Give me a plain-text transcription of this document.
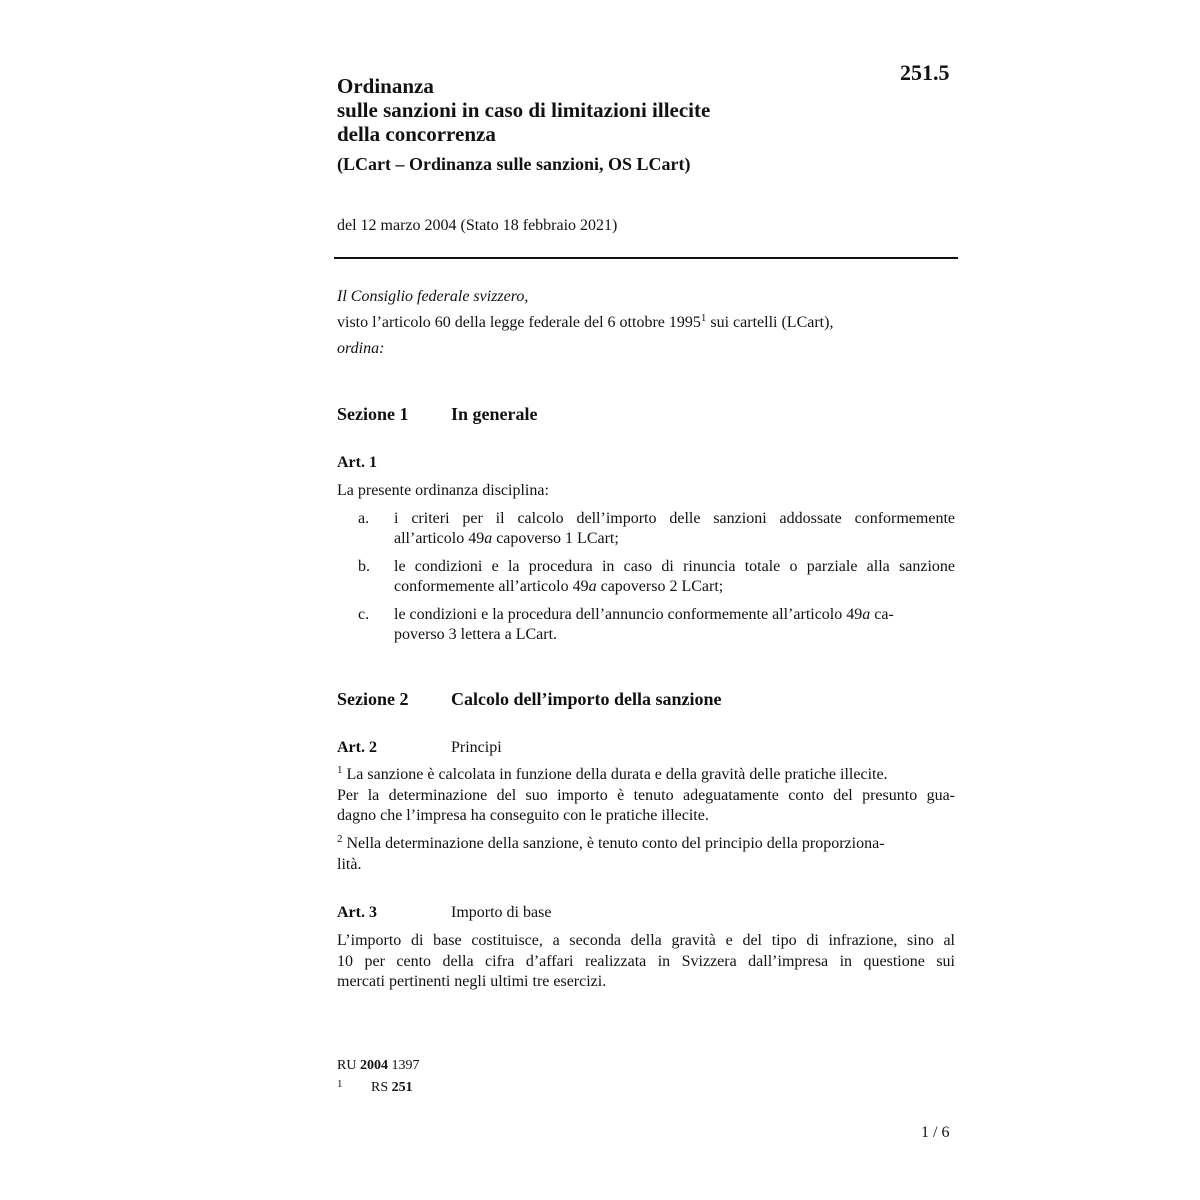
251.5
Ordinanza
sulle sanzioni in caso di limitazioni illecite
della concorrenza
(LCart – Ordinanza sulle sanzioni, OS LCart)
del 12 marzo 2004 (Stato 18 febbraio 2021)
Il Consiglio federale svizzero,
visto l’articolo 60 della legge federale del 6 ottobre 1995$^1$ sui cartelli (LCart),
ordina:
Sezione 1 In generale
Art. 1
La presente ordinanza disciplina:
a. i criteri per il calcolo dell’importo delle sanzioni addossate conformemente
all’articolo 49a capoverso 1 LCart;
b. le condizioni e la procedura in caso di rinuncia totale o parziale alla sanzione
conformemente all’articolo 49a capoverso 2 LCart;
c. le condizioni e la procedura dell’annuncio conformemente all’articolo 49a ca-
poverso 3 lettera a LCart.
Sezione 2 Calcolo dell’importo della sanzione
Art. 2	Principi
$^1$ La sanzione è calcolata in funzione della durata e della gravità delle pratiche illecite.
Per la determinazione del suo importo è tenuto adeguatamente conto del presunto gua-
dagno che l’impresa ha conseguito con le pratiche illecite.
$^2$ Nella determinazione della sanzione, è tenuto conto del principio della proporziona-
lità.
Art. 3	Importo di base
L’importo di base costituisce, a seconda della gravità e del tipo di infrazione, sino al
10 per cento della cifra d’affari realizzata in Svizzera dall’impresa in questione sui
mercati pertinenti negli ultimi tre esercizi.
RU 2004 1397
1 RS 251
1 / 6
